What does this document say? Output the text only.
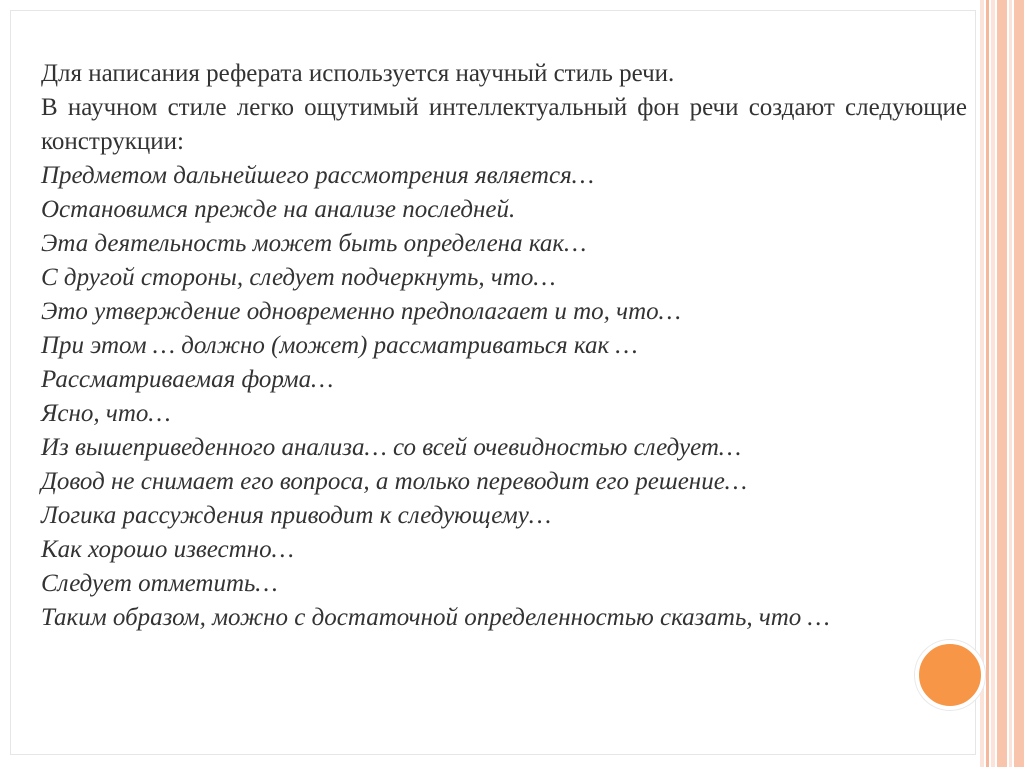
Для написания реферата используется научный стиль речи.

В научном стиле легко ощутимый интеллектуальный фон речи создают следующие конструкции:

Предметом дальнейшего рассмотрения является…
Остановимся прежде на анализе последней.
Эта деятельность может быть определена как…
С другой стороны, следует подчеркнуть, что…
Это утверждение одновременно предполагает и то, что…
При этом … должно (может) рассматриваться как …
Рассматриваемая форма…
Ясно, что…
Из вышеприведенного анализа… со всей очевидностью следует…
Довод не снимает его вопроса, а только переводит его решение…
Логика рассуждения приводит к следующему…
Как хорошо известно…
Следует отметить…
Таким образом, можно с достаточной определенностью сказать, что …
